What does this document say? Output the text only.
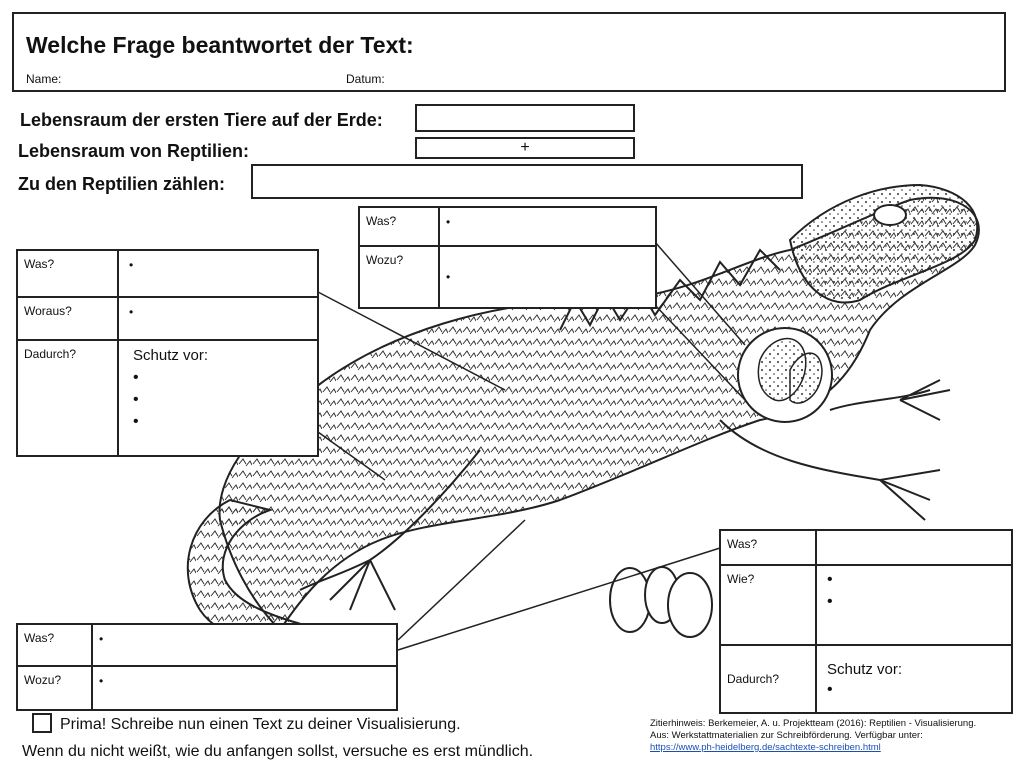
Welche Frage beantwortet der Text:
Name:	Datum:
Lebensraum der ersten Tiere auf der Erde:
Lebensraum von Reptilien:	+
Zu den Reptilien zählen:
Was?	•
Wozu?	•
Was?	•
Woraus?	•
Dadurch?	Schutz vor:
•
•
•
Was?	•
Wozu?	•
Was?	
Wie?	•
•

Dadurch?	Schutz vor:
•
Prima! Schreibe nun einen Text zu deiner Visualisierung.
Wenn du nicht weißt, wie du anfangen sollst, versuche es erst mündlich.
Zitierhinweis: Berkemeier, A. u. Projektteam (2016): Reptilien - Visualisierung.
Aus: Werkstattmaterialien zur Schreibförderung. Verfügbar unter:
https://www.ph-heidelberg.de/sachtexte-schreiben.html
